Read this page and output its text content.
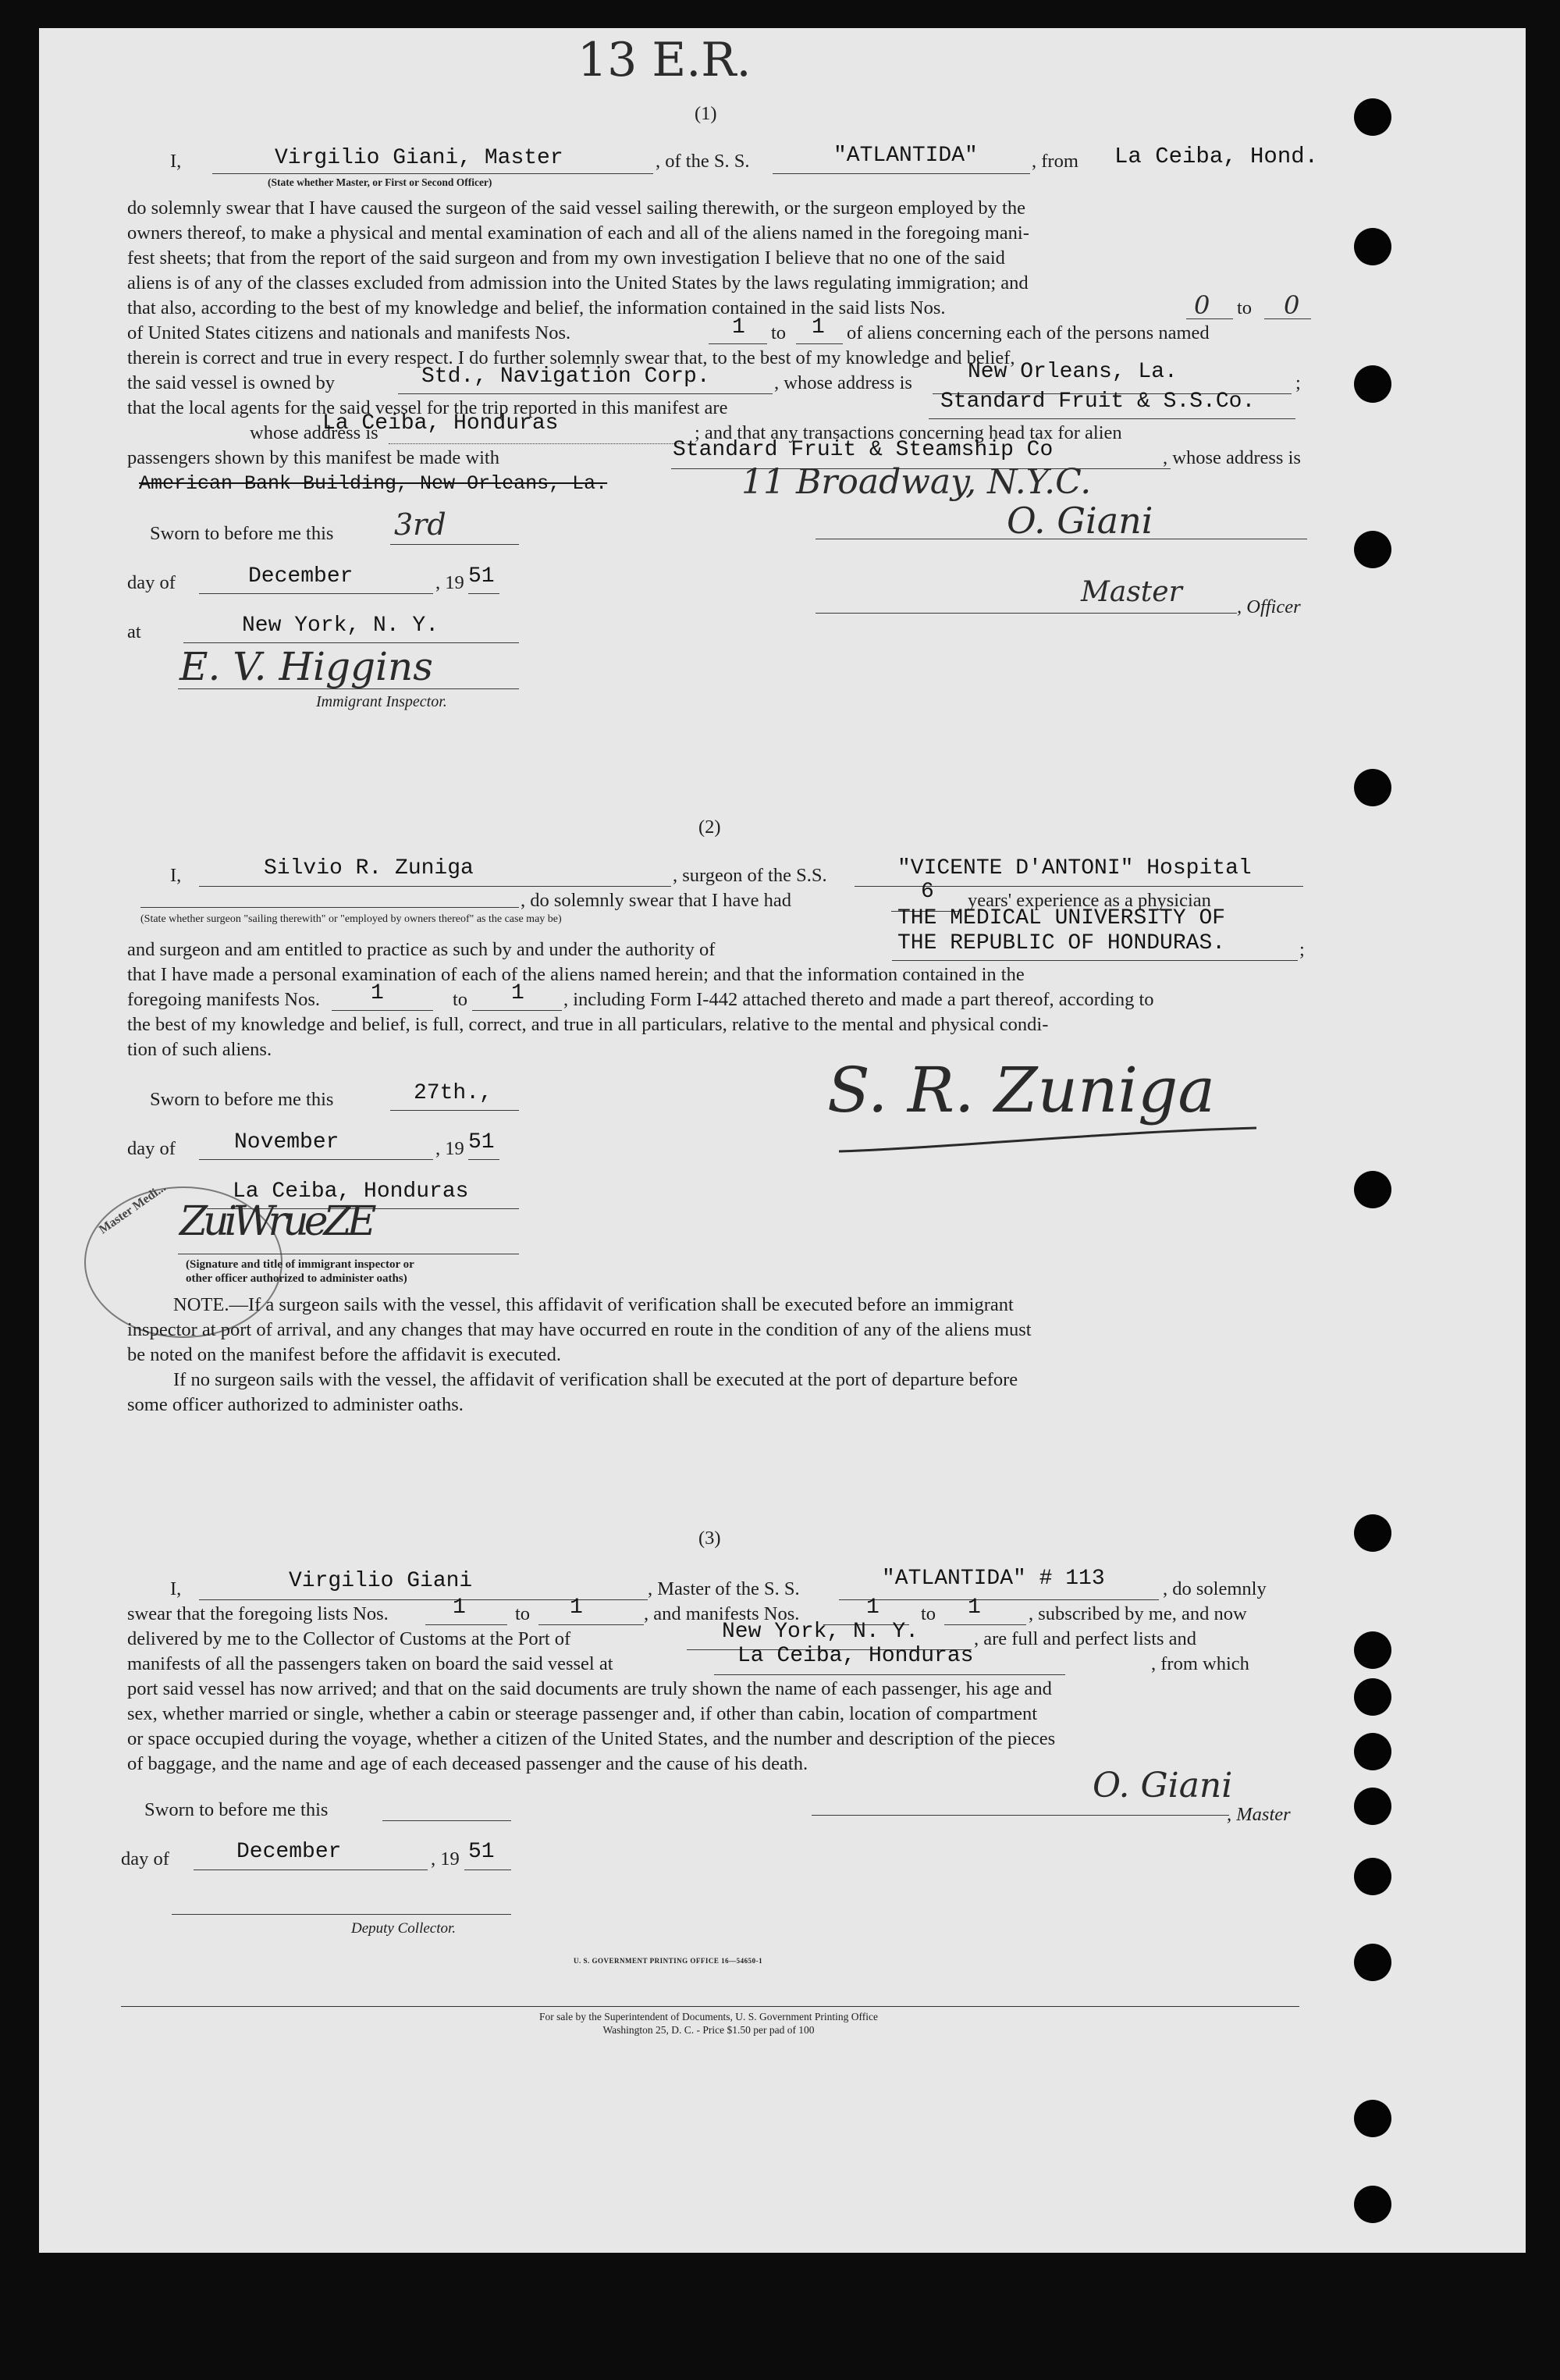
13 E.R.
(1)
I,	Virgilio Giani, Master	, of the S. S.	"ATLANTIDA"	, from La Ceiba, Hond.
(State whether Master, or First or Second Officer)
do solemnly swear that I have caused the surgeon of the said vessel sailing therewith, or the surgeon employed by the
owners thereof, to make a physical and mental examination of each and all of the aliens named in the foregoing mani-
fest sheets; that from the report of the said surgeon and from my own investigation I believe that no one of the said
aliens is of any of the classes excluded from admission into the United States by the laws regulating immigration; and
that also, according to the best of my knowledge and belief, the information contained in the said lists Nos.	0 to 0
of United States citizens and nationals and manifests Nos.	1 to 1 of aliens concerning each of the persons named
therein is correct and true in every respect. I do further solemnly swear that, to the best of my knowledge and belief,
the said vessel is owned by	Std., Navigation Corp.	, whose address is	New Orleans, La.	;
that the local agents for the said vessel for the trip reported in this manifest are	Standard Fruit & S.S.Co.
whose address is
La Ceiba, Honduras	; and that any transactions concerning head tax for alien
passengers shown by this manifest be made with	Standard Fruit & Steamship Co	, whose address is
American Bank Building, New Orleans, La.	11 Broadway, N.Y.C.
Sworn to before me this 3rd	O. Giani
day of	December	, 19 51	Master	, Officer
at	New York, N. Y.
E. V. Higgins
Immigrant Inspector.
(2)
I,	Silvio R. Zuniga	, surgeon of the S.S.	"VICENTE D'ANTONI" Hospital
, do solemnly swear that I have had	6 years' experience as a physician
(State whether surgeon "sailing therewith" or "employed by owners thereof" as the case may be)	THE MEDICAL UNIVERSITY OF
and surgeon and am entitled to practice as such by and under the authority of	THE REPUBLIC OF HONDURAS.	;
that I have made a personal examination of each of the aliens named herein; and that the information contained in the
foregoing manifests Nos. 1	to 1 , including Form I-442 attached thereto and made a part thereof, according to
the best of my knowledge and belief, is full, correct, and true in all particulars, relative to the mental and physical condi-
tion of such aliens.
Sworn to before me this	27th.,	S. R. Zuniga
day of	November	, 19 51
La Ceiba, Honduras
Master Medi... ZuiWrueZE
(Signature and title of immigrant inspector or
other officer authorized to administer oaths)
NOTE.—If a surgeon sails with the vessel, this affidavit of verification shall be executed before an immigrant
inspector at port of arrival, and any changes that may have occurred en route in the condition of any of the aliens must
be noted on the manifest before the affidavit is executed.
If no surgeon sails with the vessel, the affidavit of verification shall be executed at the port of departure before
some officer authorized to administer oaths.
(3)
I,	Virgilio Giani	, Master of the S. S.	"ATLANTIDA" # 113	, do solemnly
swear that the foregoing lists Nos.	1	to 1	, and manifests Nos.	1 to 1 , subscribed by me, and now
delivered by me to the Collector of Customs at the Port of	New York, N. Y.	, are full and perfect lists and
manifests of all the passengers taken on board the said vessel at	La Ceiba, Honduras	, from which
port said vessel has now arrived; and that on the said documents are truly shown the name of each passenger, his age and
sex, whether married or single, whether a cabin or steerage passenger and, if other than cabin, location of compartment
or space occupied during the voyage, whether a citizen of the United States, and the number and description of the pieces
of baggage, and the name and age of each deceased passenger and the cause of his death.
Sworn to before me this
O. Giani
, Master
day of	December	, 19 51
Deputy Collector.
U. S. GOVERNMENT PRINTING OFFICE 16—54650-1
For sale by the Superintendent of Documents, U. S. Government Printing Office
Washington 25, D. C. - Price $1.50 per pad of 100
